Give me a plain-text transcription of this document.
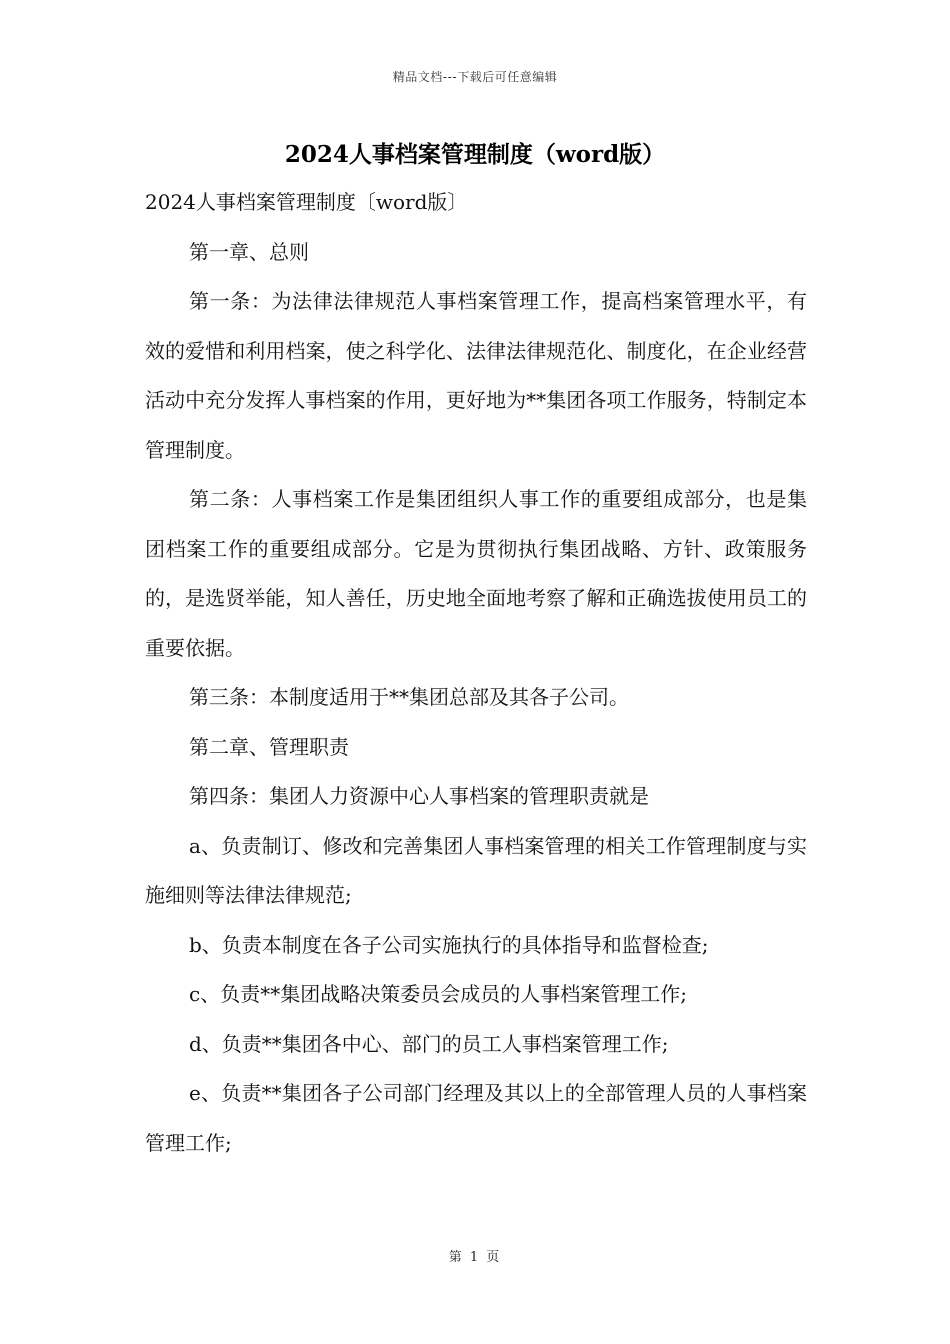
精品文档---下载后可任意编辑
2024人事档案管理制度（word版）

2024人事档案管理制度〔word版〕

第一章、总则

第一条：为法律法律规范人事档案管理工作，提高档案管理水平，有效的爱惜和利用档案，使之科学化、法律法律规范化、制度化，在企业经营活动中充分发挥人事档案的作用，更好地为**集团各项工作服务，特制定本管理制度。

第二条：人事档案工作是集团组织人事工作的重要组成部分，也是集团档案工作的重要组成部分。它是为贯彻执行集团战略、方针、政策服务的，是选贤举能，知人善任，历史地全面地考察了解和正确选拔使用员工的重要依据。

第三条：本制度适用于**集团总部及其各子公司。

第二章、管理职责

第四条：集团人力资源中心人事档案的管理职责就是

a、负责制订、修改和完善集团人事档案管理的相关工作管理制度与实施细则等法律法律规范;

b、负责本制度在各子公司实施执行的具体指导和监督检查;

c、负责**集团战略决策委员会成员的人事档案管理工作;

d、负责**集团各中心、部门的员工人事档案管理工作;

e、负责**集团各子公司部门经理及其以上的全部管理人员的人事档案管理工作;

第 1 页
